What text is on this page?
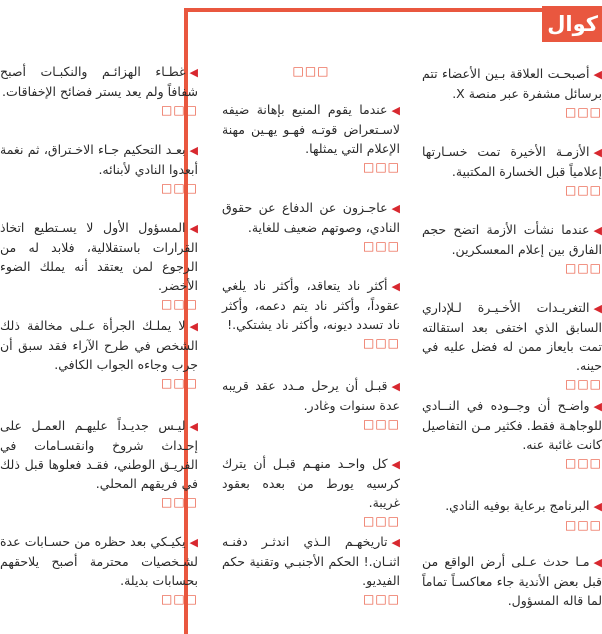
كوال
◀أصبحـت العلاقة بـين الأعضاء تتم برسائل مشفرة عبر منصة X.
□□□
◀الأزمـة الأخيرة تمت خسـارتها إعلامياً قبل الخسارة المكتبية.
□□□
◀عندما نشأت الأزمة اتضح حجم الفارق بين إعلام المعسكرين.
□□□
◀التغريـدات الأخـيـرة لـلإداري السابق الذي اختفى بعد استقالته تمت بايعاز ممن له فضل عليه في حينه.
□□□
◀واضـح أن وجــوده في النــادي للوجاهـة فقط. فكثير مـن التفاصيل كانت غائبة عنه.
□□□
◀البرنامج برعاية بوفيه النادي.
□□□
◀مـا حدث عـلى أرض الواقع من قبل بعض الأندية جاء معاكسـاً تماماً لما قاله المسؤول.
□□□
◀عندما يقوم المنيع بإهانة ضيفه لاسـتعراض قوتـه فهـو يهـين مهنة الإعلام التي يمثلها.
□□□
◀عاجـزون عن الدفاع عن حقوق النادي، وصوتهم ضعيف للغاية.
□□□
◀أكثر ناد يتعاقد، وأكثر ناد يلغي عقوداً، وأكثر ناد يتم دعمه، وأكثر ناد تسدد ديونه، وأكثر ناد يشتكي.!
□□□
◀قبـل أن يرحل مـدد عقد قريبه عدة سنوات وغادر.
□□□
◀كل واحـد منهـم قبـل أن يترك كرسيه يورط من بعده بعقود غريبة.
□□□
◀تاريخهـم الـذي اندثـر دفنـه اثنـان.! الحكم الأجنبـي وتقنية حكم الفيديو.
□□□
◀غطـاء الهزائـم والنكبـات أصبح شفافاً ولم يعد يستر فضائح الإخفاقات.
□□□
◀بعـد التحكيم جـاء الاخـتراق، ثم نغمة أبعدوا النادي لأبنائه.
□□□
◀المسؤول الأول لا يسـتطيع اتخاذ القرارات باستقلالية، فلابد له من الرجوع لمن يعتقد أنه يملك الضوء الأخضر.
□□□
◀لا يملـك الجرأة عـلى مخالفة ذلك الشخص في طرح الآراء فقد سبق أن جرب وجاءه الجواب الكافي.
□□□
◀ليـس جديـداً عليهـم العمـل على إحـداث شروخ وانقسـامات في الفريـق الوطني، فقـد فعلوها قبل ذلك في فريقهم المحلي.
□□□
◀يكيـكي بعد حظره من حسـابات عدة لشـخصيات محترمة أصبح يلاحقهم بحسابات بديلة.
□□□
